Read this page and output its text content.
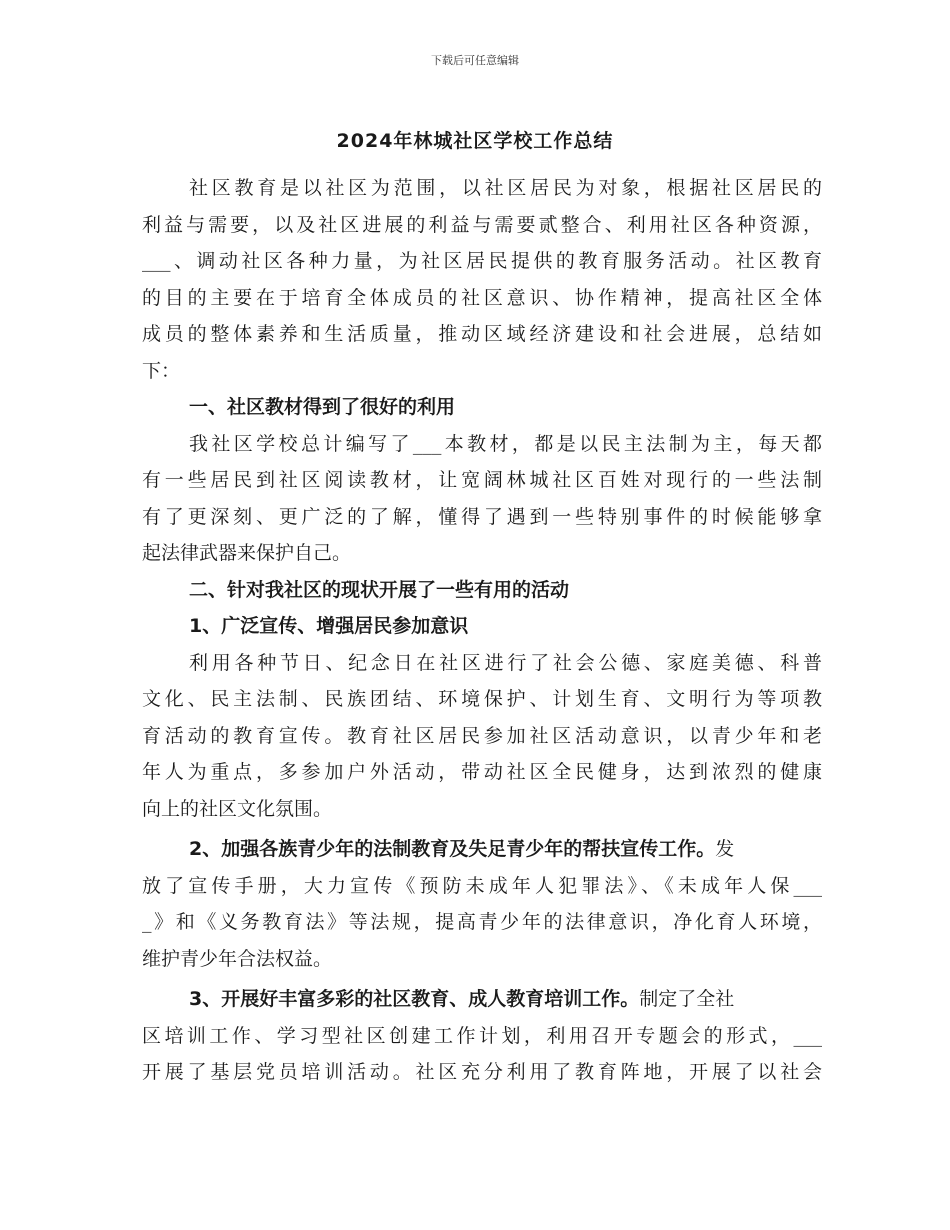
下载后可任意编辑
2024年林城社区学校工作总结
社区教育是以社区为范围，以社区居民为对象，根据社区居民的
利益与需要，以及社区进展的利益与需要贰整合、利用社区各种资源，
___、调动社区各种力量，为社区居民提供的教育服务活动。社区教育
的目的主要在于培育全体成员的社区意识、协作精神，提高社区全体
成员的整体素养和生活质量，推动区域经济建设和社会进展，总结如
下：
一、社区教材得到了很好的利用
我社区学校总计编写了___本教材，都是以民主法制为主，每天都
有一些居民到社区阅读教材，让宽阔林城社区百姓对现行的一些法制
有了更深刻、更广泛的了解，懂得了遇到一些特别事件的时候能够拿
起法律武器来保护自己。
二、针对我社区的现状开展了一些有用的活动
1、广泛宣传、增强居民参加意识
利用各种节日、纪念日在社区进行了社会公德、家庭美德、科普
文化、民主法制、民族团结、环境保护、计划生育、文明行为等项教
育活动的教育宣传。教育社区居民参加社区活动意识，以青少年和老
年人为重点，多参加户外活动，带动社区全民健身，达到浓烈的健康
向上的社区文化氛围。
2、加强各族青少年的法制教育及失足青少年的帮扶宣传工作。发
放了宣传手册，大力宣传《预防未成年人犯罪法》、《未成年人保___
_》和《义务教育法》等法规，提高青少年的法律意识，净化育人环境，
维护青少年合法权益。
3、开展好丰富多彩的社区教育、成人教育培训工作。制定了全社
区培训工作、学习型社区创建工作计划，利用召开专题会的形式，___
开展了基层党员培训活动。社区充分利用了教育阵地，开展了以社会
